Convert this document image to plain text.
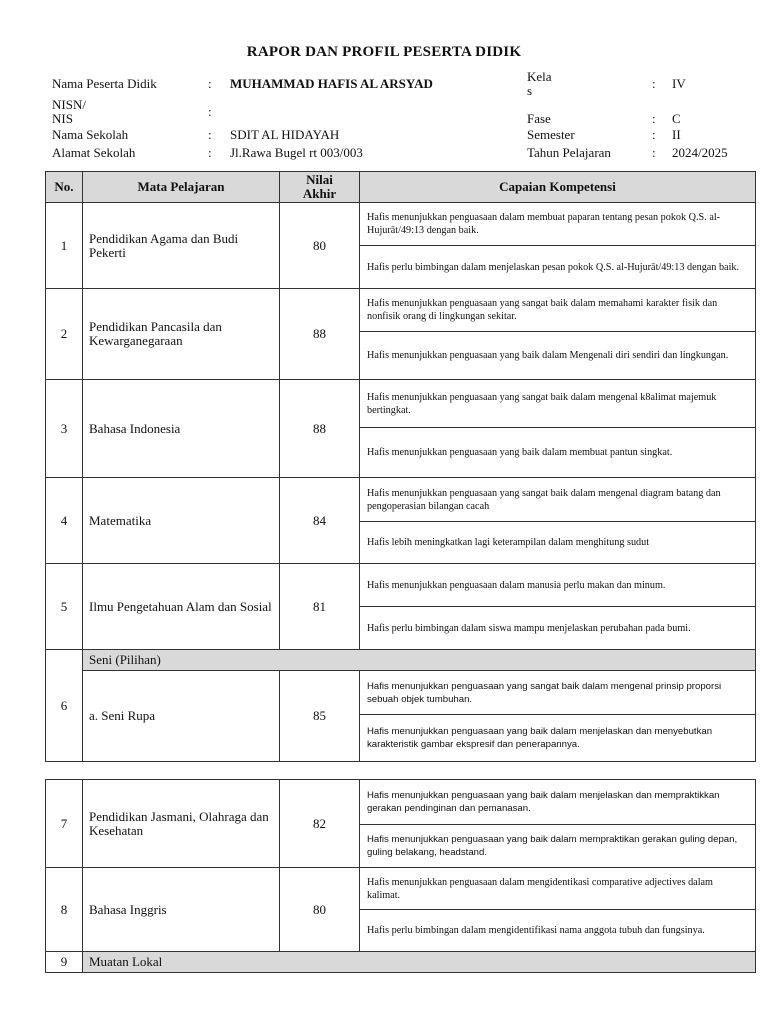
RAPOR DAN PROFIL PESERTA DIDIK
Nama Peserta Didik	: MUHAMMAD HAFIS AL ARSYAD
NISN/
NIS	:
Nama Sekolah	: SDIT AL HIDAYAH
Alamat Sekolah	: Jl.Rawa Bugel rt 003/003
Kela
s	: IV
Fase	: C
Semester	: II
Tahun Pelajaran	: 2024/2025
No.	Mata Pelajaran	Nilai Akhir	Capaian Kompetensi
1	Pendidikan Agama dan Budi Pekerti	80	Hafis menunjukkan penguasaan dalam membuat paparan tentang pesan pokok Q.S. al-Hujurāt/49:13 dengan baik.
			Hafis perlu bimbingan dalam menjelaskan pesan pokok Q.S. al-Hujurāt/49:13 dengan baik.
2	Pendidikan Pancasila dan Kewarganegaraan	88	Hafis menunjukkan penguasaan yang sangat baik dalam memahami karakter fisik dan nonfisik orang di lingkungan sekitar.
			Hafis menunjukkan penguasaan yang baik dalam Mengenali diri sendiri dan lingkungan.
3	Bahasa Indonesia	88	Hafis menunjukkan penguasaan yang sangat baik dalam mengenal k8alimat majemuk bertingkat.
			Hafis menunjukkan penguasaan yang baik dalam membuat pantun singkat.
4	Matematika	84	Hafis menunjukkan penguasaan yang sangat baik dalam mengenal diagram batang dan pengoperasian bilangan cacah
			Hafis lebih meningkatkan lagi keterampilan dalam menghitung sudut
5	Ilmu Pengetahuan Alam dan Sosial	81	Hafis menunjukkan penguasaan dalam manusia perlu makan dan minum.
			Hafis perlu bimbingan dalam siswa mampu menjelaskan perubahan pada bumi.
6	Seni (Pilihan)		
	a. Seni Rupa	85	Hafis menunjukkan penguasaan yang sangat baik dalam mengenal prinsip proporsi sebuah objek tumbuhan.
			Hafis menunjukkan penguasaan yang baik dalam menjelaskan dan menyebutkan karakteristik gambar ekspresif dan penerapannya.
7	Pendidikan Jasmani, Olahraga dan Kesehatan	82	Hafis menunjukkan penguasaan yang baik dalam menjelaskan dan mempraktikkan gerakan pendinginan dan pemanasan.
			Hafis menunjukkan penguasaan yang baik dalam mempraktikan gerakan guling depan, guling belakang, headstand.
8	Bahasa Inggris	80	Hafis menunjukkan penguasaan dalam mengidentikasi comparative adjectives dalam kalimat.
			Hafis perlu bimbingan dalam mengidentifikasi nama anggota tubuh dan fungsinya.
9	Muatan Lokal		
